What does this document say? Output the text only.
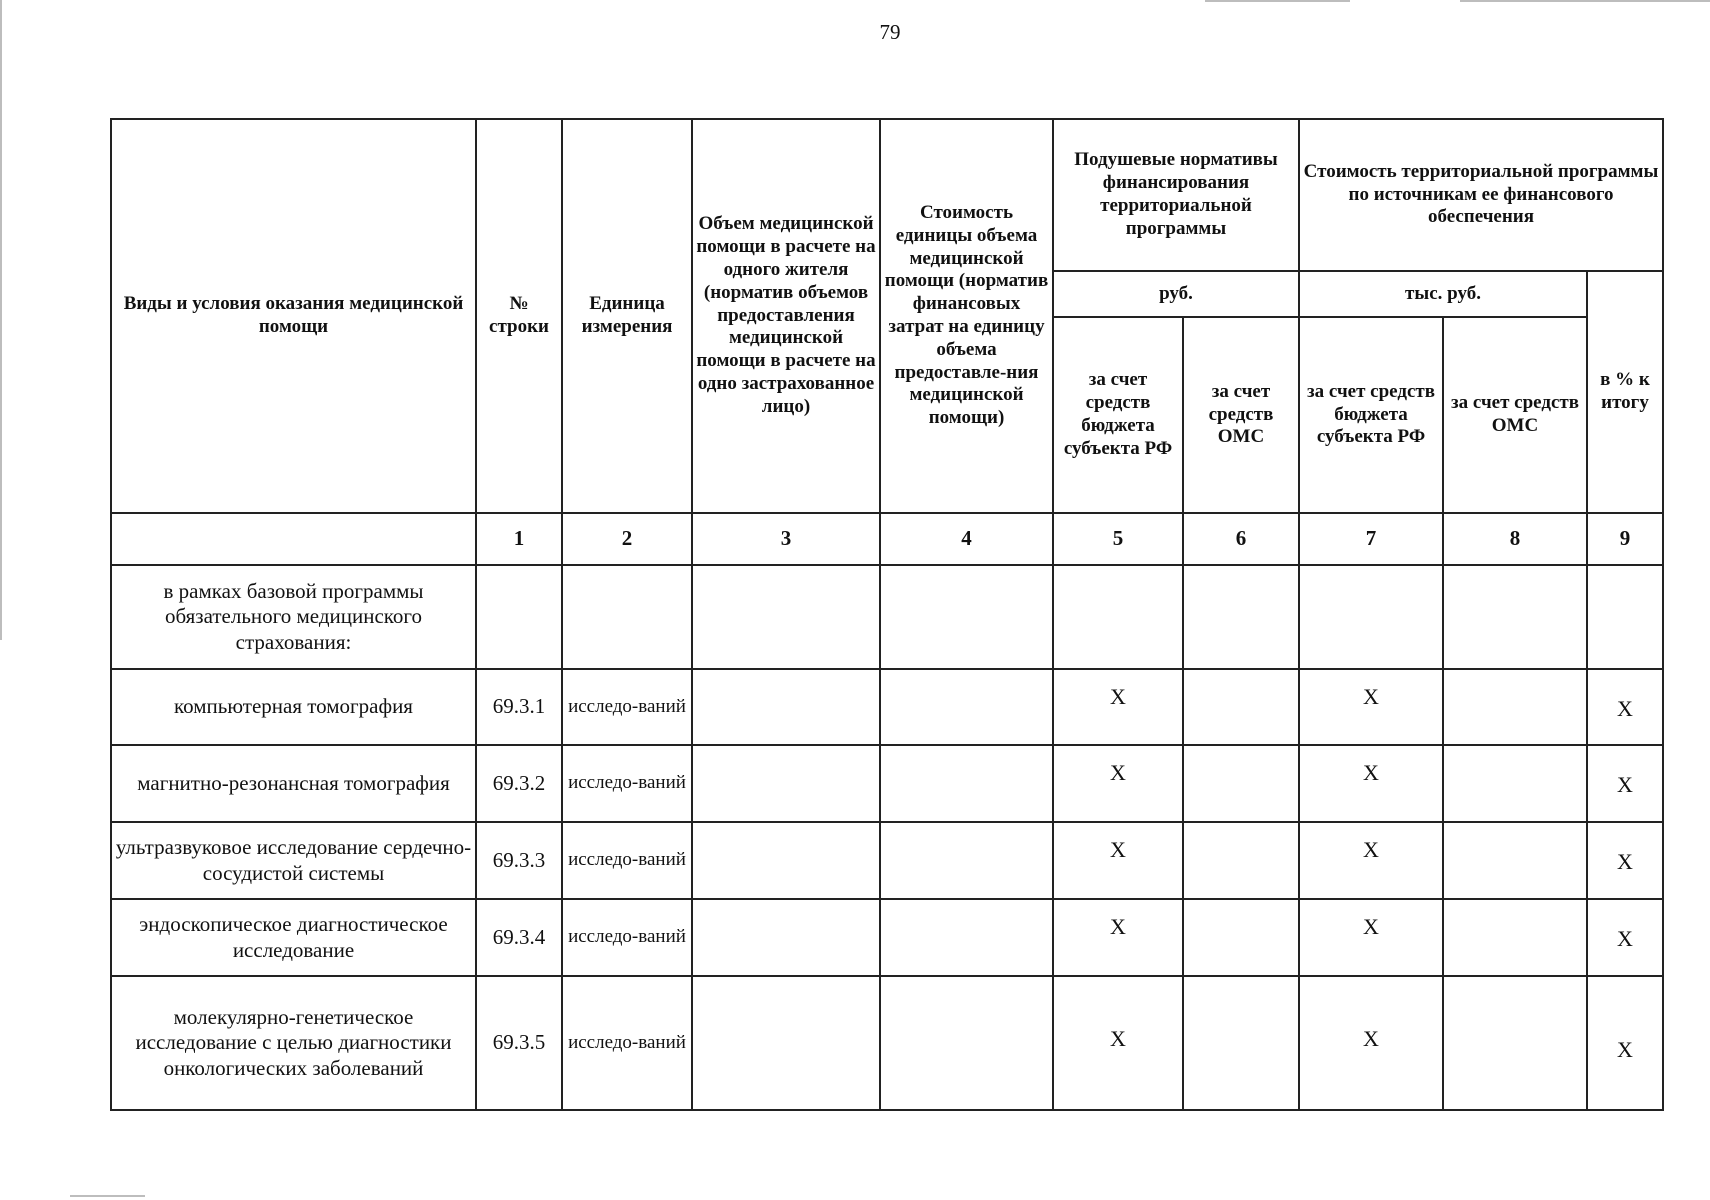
79
Виды и условия оказания медицинской помощи	№ строки	Единица измерения	Объем медицинской помощи в расчете на одного жителя (норматив объемов предоставления медицинской помощи в расчете на одно застрахованное лицо)	Стоимость единицы объема медицинской помощи (норматив финансовых затрат на единицу объема предоставле-ния медицинской помощи)	Подушевые нормативы финансирования территориальной программы		Стоимость территориальной программы по источникам ее финансового обеспечения		
					руб.		тыс. руб.		в % к итогу
					за счет средств бюджета субъекта РФ	за счет средств ОМС	за счет средств бюджета субъекта РФ	за счет средств ОМС	
	1	2	3	4	5	6	7	8	9
в рамках базовой программы обязательного медицинского страхования:									
компьютерная томография	69.3.1	исследо-ваний			X		X		X
магнитно-резонансная томография	69.3.2	исследо-ваний			X		X		X
ультразвуковое исследование сердечно-сосудистой системы	69.3.3	исследо-ваний			X		X		X
эндоскопическое диагностическое исследование	69.3.4	исследо-ваний			X		X		X
молекулярно-генетическое исследование с целью диагностики онкологических заболеваний	69.3.5	исследо-ваний			X		X		X
